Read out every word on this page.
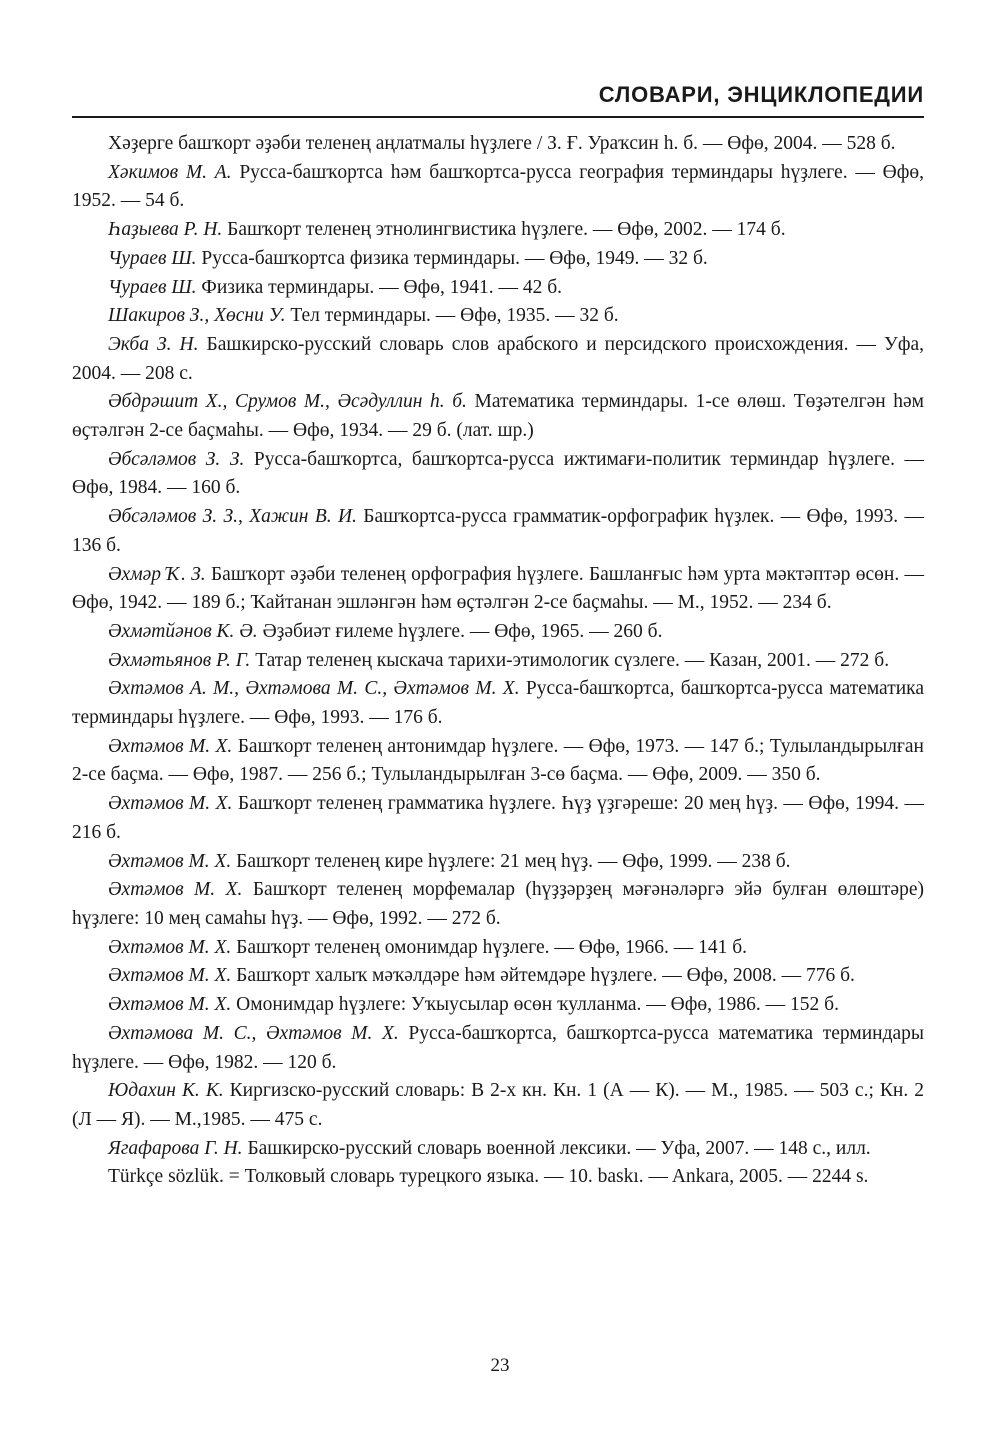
СЛОВАРИ, ЭНЦИКЛОПЕДИИ

Хәҙерге башҡорт әҙәби теленең аңлатмалы һүҙлеге / З. Ғ. Ураҡсин һ. б. — Өфө, 2004. — 528 б.

Хәкимов М. А. Русса-башҡортса һәм башҡортса-русса география терминдары һүҙлеге. — Өфө, 1952. — 54 б.

Һаҙыева Р. Н. Башҡорт теленең этнолингвистика һүҙлеге. — Өфө, 2002. — 174 б.

Чураев Ш. Русса-башҡортса физика терминдары. — Өфө, 1949. — 32 б.

Чураев Ш. Физика терминдары. — Өфө, 1941. — 42 б.

Шакиров З., Хөсни У. Тел терминдары. — Өфө, 1935. — 32 б.

Экба З. Н. Башкирско-русский словарь слов арабского и персидского происхождения. — Уфа, 2004. — 208 с.

Әбдрәшит Х., Срумов М., Әсәдуллин һ. б. Математика терминдары. 1-се өлөш. Төҙәтелгән һәм өҫтәлгән 2-се баҫмаһы. — Өфө, 1934. — 29 б. (лат. шр.)

Әбсәләмов З. З. Русса-башҡортса, башҡортса-русса ижтимағи-политик терминдар һүҙлеге. — Өфө, 1984. — 160 б.

Әбсәләмов З. З., Хажин В. И. Башҡортса-русса грамматик-орфографик һүҙлек. — Өфө, 1993. — 136 б.

Әхмәр Ҡ. З. Башҡорт әҙәби теленең орфография һүҙлеге. Башланғыс һәм урта мәктәптәр өсөн. — Өфө, 1942. — 189 б.; Ҡайтанан эшләнгән һәм өҫтәлгән 2-се баҫмаһы. — М., 1952. — 234 б.

Әхмәтйәнов К. Ә. Әҙәбиәт ғилеме һүҙлеге. — Өфө, 1965. — 260 б.

Әхмәтьянов Р. Г. Татар теленең кыскача тарихи-этимологик сүзлеге. — Казан, 2001. — 272 б.

Әхтәмов А. М., Әхтәмова М. С., Әхтәмов М. Х. Русса-башҡортса, башҡортса-русса математика терминдары һүҙлеге. — Өфө, 1993. — 176 б.

Әхтәмов М. Х. Башҡорт теленең антонимдар һүҙлеге. — Өфө, 1973. — 147 б.; Тулыландырылған 2-се баҫма. — Өфө, 1987. — 256 б.; Тулыландырылған 3-сө баҫма. — Өфө, 2009. — 350 б.

Әхтәмов М. Х. Башҡорт теленең грамматика һүҙлеге. Һүҙ үҙгәреше: 20 мең һүҙ. — Өфө, 1994. — 216 б.

Әхтәмов М. Х. Башҡорт теленең кире һүҙлеге: 21 мең һүҙ. — Өфө, 1999. — 238 б.

Әхтәмов М. Х. Башҡорт теленең морфемалар (һүҙҙәрҙең мәғәнәләргә эйә булған өлөштәре) һүҙлеге: 10 мең самаһы һүҙ. — Өфө, 1992. — 272 б.

Әхтәмов М. Х. Башҡорт теленең омонимдар һүҙлеге. — Өфө, 1966. — 141 б.

Әхтәмов М. Х. Башҡорт халыҡ мәҡәлдәре һәм әйтемдәре һүҙлеге. — Өфө, 2008. — 776 б.

Әхтәмов М. Х. Омонимдар һүҙлеге: Уҡыусылар өсөн ҡулланма. — Өфө, 1986. — 152 б.

Әхтәмова М. С., Әхтәмов М. Х. Русса-башҡортса, башҡортса-русса математика терминдары һүҙлеге. — Өфө, 1982. — 120 б.

Юдахин К. К. Киргизско-русский словарь: В 2-х кн. Кн. 1 (А — К). — М., 1985. — 503 с.; Кн. 2 (Л — Я). — М.,1985. — 475 с.

Ягафарова Г. Н. Башкирско-русский словарь военной лексики. — Уфа, 2007. — 148 с., илл.

Türkçe sözlük. = Толковый словарь турецкого языка. — 10. baskı. — Ankara, 2005. — 2244 s.

23
